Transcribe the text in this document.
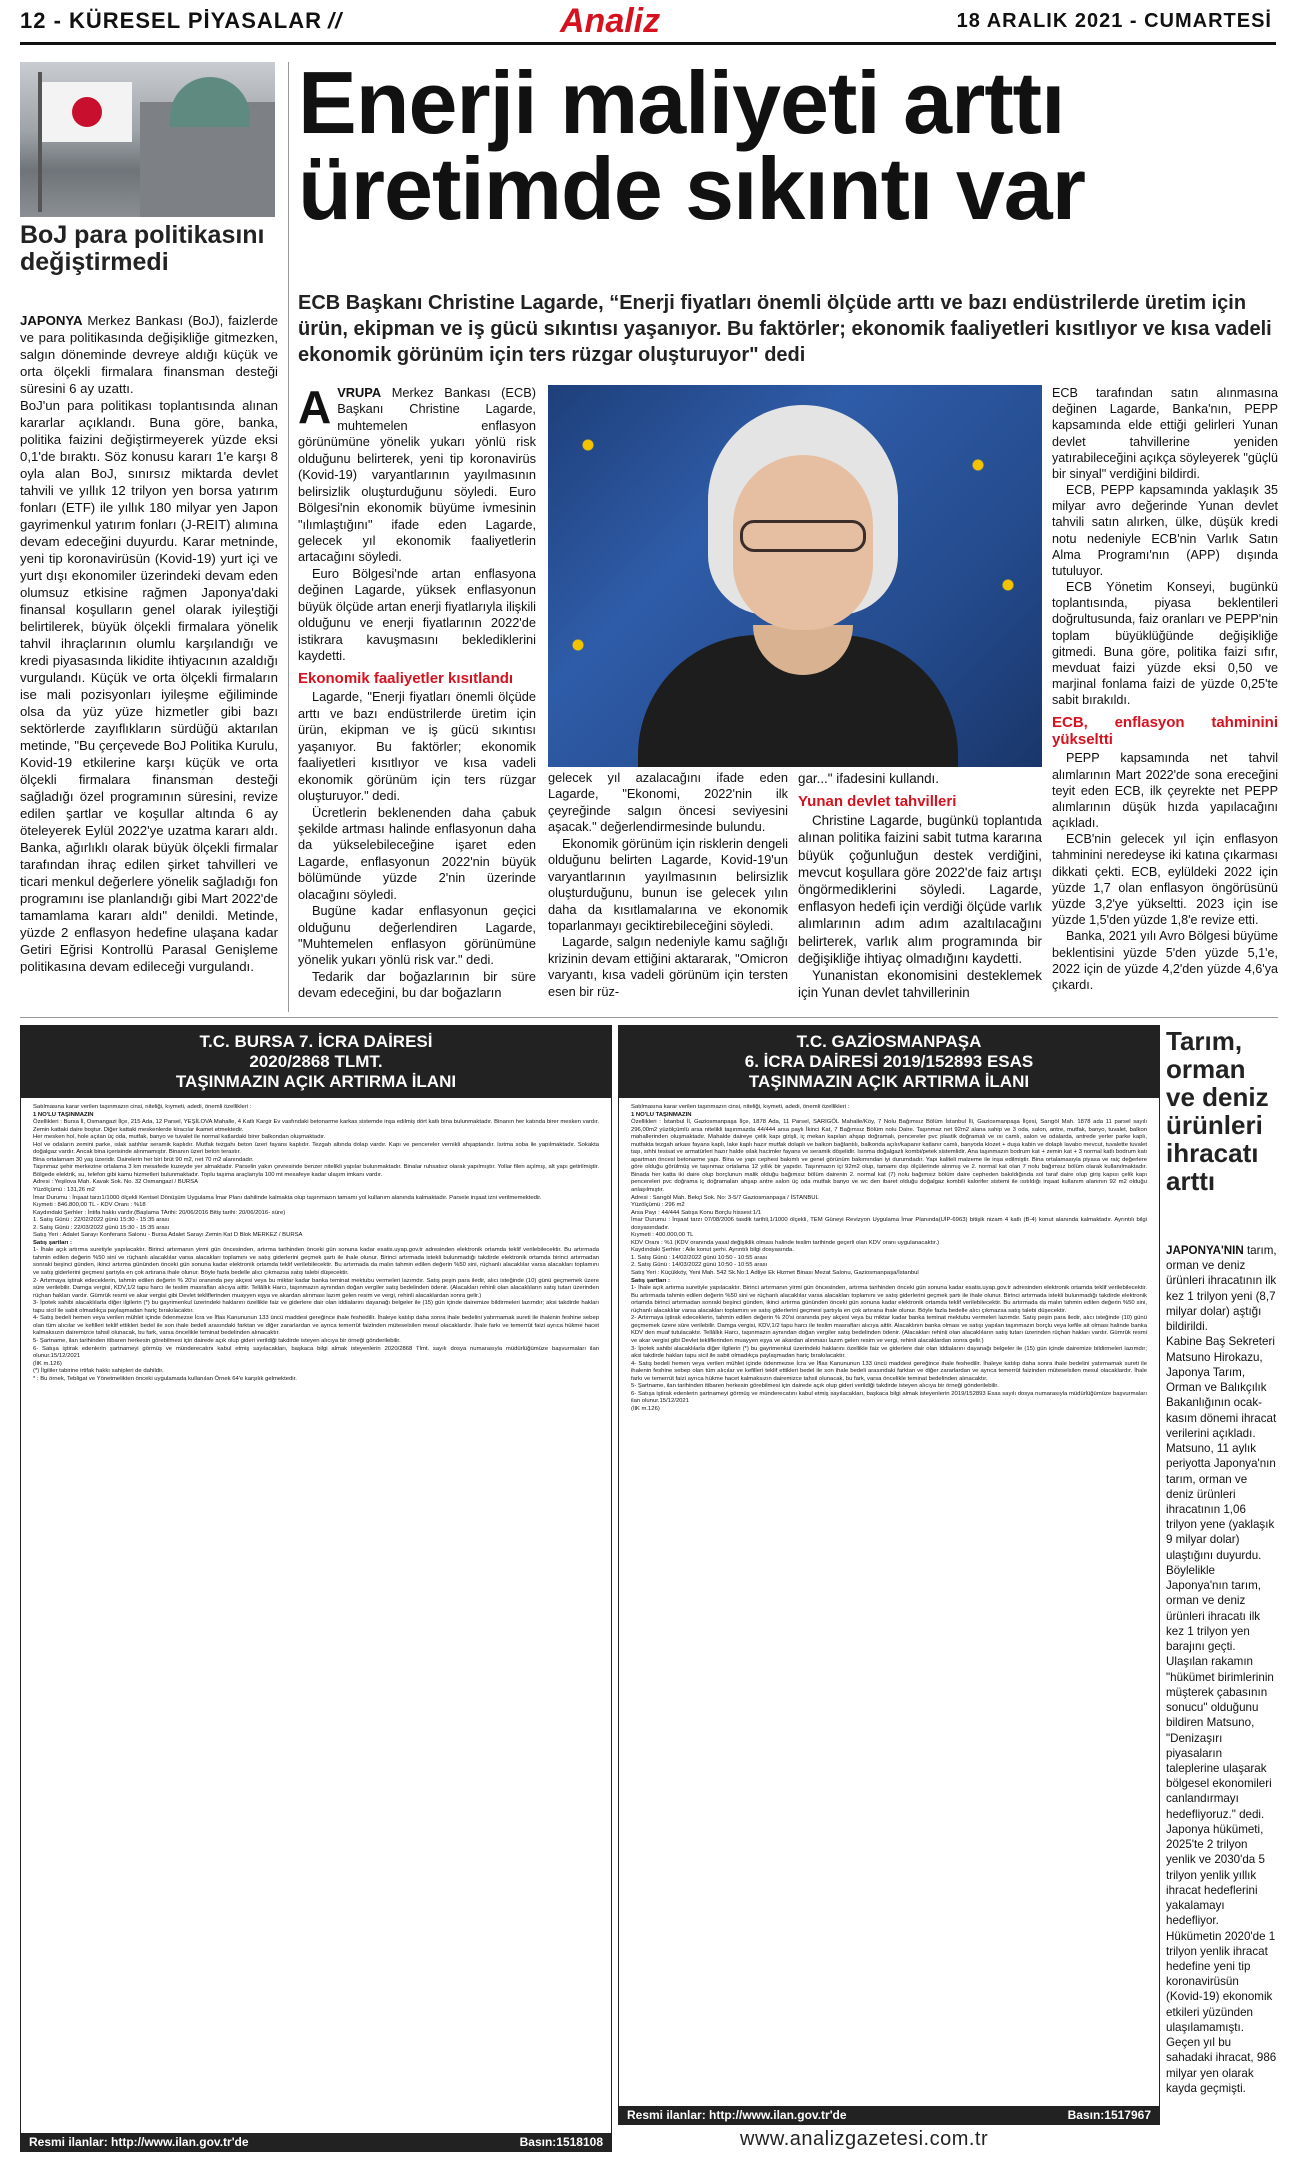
12 - KÜRESEL PİYASALAR //	Analiz	18 ARALIK 2021 - CUMARTESİ
BoJ para politikasını değiştirmedi

JAPONYA Merkez Bankası (BoJ), faizlerde ve para politikasında değişikliğe gitmezken, salgın döneminde devreye aldığı küçük ve orta ölçekli firmalara finansman desteği süresini 6 ay uzattı.

BoJ'un para politikası toplantısında alınan kararlar açıklandı. Buna göre, banka, politika faizini değiştirmeyerek yüzde eksi 0,1'de bıraktı. Söz konusu kararı 1'e karşı 8 oyla alan BoJ, sınırsız miktarda devlet tahvili ve yıllık 12 trilyon yen borsa yatırım fonları (ETF) ile yıllık 180 milyar yen Japon gayrimenkul yatırım fonları (J-REIT) alımına devam edeceğini duyurdu. Karar metninde, yeni tip koronavirüsün (Kovid-19) yurt içi ve yurt dışı ekonomiler üzerindeki devam eden olumsuz etkisine rağmen Japonya'daki finansal koşulların genel olarak iyileştiği belirtilerek, büyük ölçekli firmalara yönelik tahvil ihraçlarının olumlu karşılandığı ve kredi piyasasında likidite ihtiyacının azaldığı vurgulandı. Küçük ve orta ölçekli firmaların ise mali pozisyonları iyileşme eğiliminde olsa da yüz yüze hizmetler gibi bazı sektörlerde zayıflıkların sürdüğü aktarılan metinde, "Bu çerçevede BoJ Politika Kurulu, Kovid-19 etkilerine karşı küçük ve orta ölçekli firmalara finansman desteği sağladığı özel programının süresini, revize edilen şartlar ve koşullar altında 6 ay öteleyerek Eylül 2022'ye uzatma kararı aldı. Banka, ağırlıklı olarak büyük ölçekli firmalar tarafından ihraç edilen şirket tahvilleri ve ticari menkul değerlere yönelik sağladığı fon programını ise planlandığı gibi Mart 2022'de tamamlama kararı aldı" denildi. Metinde, yüzde 2 enflasyon hedefine ulaşana kadar Getiri Eğrisi Kontrollü Parasal Genişleme politikasına devam edileceği vurgulandı.

Enerji maliyeti arttı
üretimde sıkıntı var
ECB Başkanı Christine Lagarde, “Enerji fiyatları önemli ölçüde arttı ve bazı endüstrilerde üretim için ürün, ekipman ve iş gücü sıkıntısı yaşanıyor. Bu faktörler; ekonomik faaliyetleri kısıtlıyor ve kısa vadeli ekonomik görünüm için ters rüzgar oluşturuyor" dedi

AVRUPA Merkez Bankası (ECB) Başkanı Christine Lagarde, muhtemelen enflasyon görünümüne yönelik yukarı yönlü risk olduğunu belirterek, yeni tip koronavirüs (Kovid-19) varyantlarının yayılmasının belirsizlik oluşturduğunu söyledi. Euro Bölgesi'nin ekonomik büyüme ivmesinin "ılımlaştığını" ifade eden Lagarde, gelecek yıl ekonomik faaliyetlerin artacağını söyledi.

Euro Bölgesi'nde artan enflasyona değinen Lagarde, yüksek enflasyonun büyük ölçüde artan enerji fiyatlarıyla ilişkili olduğunu ve enerji fiyatlarının 2022'de istikrara kavuşmasını beklediklerini kaydetti.

Ekonomik faaliyetler kısıtlandı

Lagarde, "Enerji fiyatları önemli ölçüde arttı ve bazı endüstrilerde üretim için ürün, ekipman ve iş gücü sıkıntısı yaşanıyor. Bu faktörler; ekonomik faaliyetleri kısıtlıyor ve kısa vadeli ekonomik görünüm için ters rüzgar oluşturuyor." dedi.

Ücretlerin beklenenden daha çabuk şekilde artması halinde enflasyonun daha da yükselebileceğine işaret eden Lagarde, enflasyonun 2022'nin büyük bölümünde yüzde 2'nin üzerinde olacağını söyledi.

Bugüne kadar enflasyonun geçici olduğunu değerlendiren Lagarde, "Muhtemelen enflasyon görünümüne yönelik yukarı yönlü risk var." dedi.

Tedarik dar boğazlarının bir süre devam edeceğini, bu dar boğazların

gelecek yıl azalacağını ifade eden Lagarde, "Ekonomi, 2022'nin ilk çeyreğinde salgın öncesi seviyesini aşacak." değerlendirmesinde bulundu.

Ekonomik görünüm için risklerin dengeli olduğunu belirten Lagarde, Kovid-19'un varyantlarının yayılmasının belirsizlik oluşturduğunu, bunun ise gelecek yılın daha da kısıtlamalarına ve ekonomik toparlanmayı geciktirebileceğini söyledi.

Lagarde, salgın nedeniyle kamu sağlığı krizinin devam ettiğini aktararak, "Omicron varyantı, kısa vadeli görünüm için tersten esen bir rüz-

gar..." ifadesini kullandı.

Yunan devlet tahvilleri

Christine Lagarde, bugünkü toplantıda alınan politika faizini sabit tutma kararına büyük çoğunluğun destek verdiğini, mevcut koşullara göre 2022'de faiz artışı öngörmediklerini söyledi. Lagarde, enflasyon hedefi için verdiği ölçüde varlık alımlarının adım adım azaltılacağını belirterek, varlık alım programında bir değişikliğe ihtiyaç olmadığını kaydetti.

Yunanistan ekonomisini desteklemek için Yunan devlet tahvillerinin

ECB tarafından satın alınmasına değinen Lagarde, Banka'nın, PEPP kapsamında elde ettiği gelirleri Yunan devlet tahvillerine yeniden yatırabileceğini açıkça söyleyerek "güçlü bir sinyal" verdiğini bildirdi.

ECB, PEPP kapsamında yaklaşık 35 milyar avro değerinde Yunan devlet tahvili satın alırken, ülke, düşük kredi notu nedeniyle ECB'nin Varlık Satın Alma Programı'nın (APP) dışında tutuluyor.

ECB Yönetim Konseyi, bugünkü toplantısında, piyasa beklentileri doğrultusunda, faiz oranları ve PEPP'nin toplam büyüklüğünde değişikliğe gitmedi. Buna göre, politika faizi sıfır, mevduat faizi yüzde eksi 0,50 ve marjinal fonlama faizi de yüzde 0,25'te sabit bırakıldı.

ECB, enflasyon tahminini yükseltti

PEPP kapsamında net tahvil alımlarının Mart 2022'de sona ereceğini teyit eden ECB, ilk çeyrekte net PEPP alımlarının düşük hızda yapılacağını açıkladı.

ECB'nin gelecek yıl için enflasyon tahminini neredeyse iki katına çıkarması dikkati çekti. ECB, eylüldeki 2022 için yüzde 1,7 olan enflasyon öngörüsünü yüzde 3,2'ye yükseltti. 2023 için ise yüzde 1,5'den yüzde 1,8'e revize etti.

Banka, 2021 yılı Avro Bölgesi büyüme beklentisini yüzde 5'den yüzde 5,1'e, 2022 için de yüzde 4,2'den yüzde 4,6'ya çıkardı.

T.C. BURSA 7. İCRA DAİRESİ
2020/2868 TLMT.
TAŞINMAZIN AÇIK ARTIRMA İLANI

Satılmasına karar verilen taşınmazın cinsi, niteliği, kıymeti, adedi, önemli özellikleri :

1 NO'LU TAŞINMAZIN

Özellikleri : Bursa İl, Osmangazi İlçe, 215 Ada, 12 Parsel, YEŞİLOVA Mahalle, 4 Katlı Kargir Ev vasfındaki betonarme karkas sistemde inşa edilmiş dört katlı bina bulunmaktadır. Binanın her katında birer mesken vardır. Zemin kattaki daire boştur. Diğer kattaki meskenlerde kiracılar ikamet etmektedir.

Her mesken hol, hole açılan üç oda, mutfak, banyo ve tuvalet ile normal katlardaki birer balkondan oluşmaktadır.

Hol ve odaların zemini parke, ıslak satıhlar seramik kaplıdır. Mutfak tezgahı beton üzeri fayans kaplıdır. Tezgah altında dolap vardır. Kapı ve pencereler vernikli ahşaptandır. Isıtma soba ile yapılmaktadır. Sokakta doğalgaz vardır. Ancak bina içerisinde alınmamıştır. Binanın üzeri beton terastır.

Bina ortalamam 30 yaş üzeridir. Dairelerin her biri brüt 90 m2, net 70 m2 alanındadır.

Taşınmaz şehir merkezine ortalama 3 km mesafede kuzeyde yer almaktadır. Parselin yakın çevresinde benzer nitelikli yapılar bulunmaktadır. Binalar ruhsatsız olarak yapılmıştır. Yollar filen açılmış, alt yapı getirilmiştir. Bölgede elektrik, su, telefon gibi kamu hizmetleri bulunmaktadır. Toplu taşıma araçlarıyla 100 mt mesafeye kadar ulaşım imkanı vardır.

Adresi : Yeşilova Mah. Kavak Sok. No. 32 Osmangazi / BURSA

Yüzölçümü : 131,26 m2

İmar Durumu : İnşaat tarzı1/1000 ölçekli Kentsel Dönüşüm Uygulama İmar Planı dahilinde kalmakta olup taşınmazın tamamı yol kullanım alanında kalmaktadır. Parsele inşaat izni verilmemektedir.

Kıymeti : 846.800,00 TL - KDV Oranı : %18

Kaydındaki Şerhler : İntifa hakkı vardır.(Başlama TArihi: 20/06/2016 Bitiş tarihi: 20/06/2016- süre)

1. Satış Günü : 22/02/2022 günü 15:30 - 15:35 arası

2. Satış Günü : 22/03/2022 günü 15:30 - 15:35 arası

Satış Yeri : Adalet Sarayı Konferans Salonu - Bursa Adalet Sarayı Zemin Kat D Blok MERKEZ / BURSA

Satış şartları :

1- İhale açık artırma suretiyle yapılacaktır. Birinci artırmanın yirmi gün öncesinden, artırma tarihinden önceki gün sonuna kadar esatis.uyap.gov.tr adresinden elektronik ortamda teklif verilebilecektir. Bu artırmada tahmin edilen değerin %50 sini ve rüçhanlı alacaklılar varsa alacakları toplamını ve satış giderlerini geçmek şartı ile ihale olunur. Birinci artırmada istekli bulunmadığı takdirde elektronik ortamda birinci artırmadan sonraki beşinci günden, ikinci artırma gününden önceki gün sonuna kadar elektronik ortamda teklif verilebilecektir. Bu artırmada da malın tahmin edilen değerin %50 sini, rüçhanlı alacaklılar varsa alacakları toplamını ve satış giderlerini geçmesi şartıyla en çok artırana ihale olunur. Böyle fazla bedelle alıcı çıkmazsa satış talebi düşecektir.

2- Artırmaya iştirak edeceklerin, tahmin edilen değerin % 20'si oranında pey akçesi veya bu miktar kadar banka teminat mektubu vermeleri lazımdır. Satış peşin para iledir, alıcı isteğinde (10) günü geçmemek üzere süre verilebilir. Damga vergisi, KDV,1/2 tapu harcı ile teslim masrafları alıcıya aittir. Tellâllık Harcı, taşınmazın aynından doğan vergiler satış bedelinden ödenir. (Alacakları rehinli olan alacaklıların satış tutarı üzerinden rüçhan hakları vardır. Gümrük resmi ve akar vergisi gibi Devlet tekliflerinden muayyen eşya ve akardan alınması lazım gelen resim ve vergi, rehinli alacaklardan sonra gelir.)

3- İpotek sahibi alacaklılarla diğer ilgilerin (*) bu gayrimenkul üzerindeki haklarını özellikle faiz ve giderlere dair olan iddialarını dayanağı belgeler ile (15) gün içinde dairemize bildirmeleri lazımdır; aksi takdirde hakları tapu sicil ile sabit olmadıkça paylaşmadan hariç bırakılacaktır.

4- Satış bedeli hemen veya verilen mühlet içinde ödenmezse İcra ve İflas Kanununun 133 üncü maddesi gereğince ihale feshedilir. İhaleye katılıp daha sonra ihale bedelini yatırmamak sureti ile ihalenin feshine sebep olan tüm alıcılar ve kefilleri teklif ettikleri bedel ile son ihale bedeli arasındaki farktan ve diğer zararlardan ve ayrıca temerrüt faizinden müteselsilen mesul olacaklardır. İhale farkı ve temerrüt faizi ayrıca hükme hacet kalmaksızın dairemizce tahsil olunacak, bu fark, varsa öncelikle teminat bedelinden alınacaktır.

5- Şartname, ilan tarihinden itibaren herkesin görebilmesi için dairede açık olup gideri verildiği takdirde isteyen alıcıya bir örneği gönderilebilir.

6- Satışa iştirak edenlerin şartnameyi görmüş ve münderecatını kabul etmiş sayılacakları, başkaca bilgi almak isteyenlerin 2020/2868 Tlmt. sayılı dosya numarasıyla müdürlüğümüze başvurmaları ilan olunur.15/12/2021

(İlK m.126)

(*) İlgililer tabirine irtifak hakkı sahipleri de dahildir.

* : Bu örnek, Tebligat ve Yönetmelikten önceki uygulamada kullanılan Örnek 64'e karşılık gelmektedir.

Resmi ilanlar: http://www.ilan.gov.tr'de	Basın:1518108
T.C. GAZİOSMANPAŞA
6. İCRA DAİRESİ 2019/152893 ESAS
TAŞINMAZIN AÇIK ARTIRMA İLANI

Satılmasına karar verilen taşınmazın cinsi, niteliği, kıymeti, adedi, önemli özellikleri :

1 NO'LU TAŞINMAZIN

Özellikleri : İstanbul İl, Gaziosmanpaşa İlçe, 1878 Ada, 11 Parsel, SARIGÖL Mahalle/Köy, 7 Nolu Bağımsız Bölüm İstanbul İli, Gaziosmanpaşa İlçesi, Sarıgöl Mah. 1878 ada 11 parsel sayılı 296,00m2 yüzölçümlü arsa nitelikli taşınmazda 44/444 arsa paylı İkinci Kat, 7 Bağımsız Bölüm nolu Daire. Taşınmaz net 92m2 alana sahip ve 3 oda, salon, antre, mutfak, banyo, tuvalet, balkon mahallerinden oluşmaktadır. Mahalde daireye çelik kapı girişli, iç mekan kapıları ahşap doğramalı, pencereler pvc plastik doğramalı ve ısı camlı, salon ve odalarda, antrede yerler parke kaplı, mutfakta tezgah arkası fayans kaplı, lake kaplı hazır mutfak dolaplı ve balkon bağlantılı, balkonda açılır/kapanır katlanır camlı, banyoda klozet + duşa kabin ve dolaplı lavabo mevcut, tuvalette tuvalet taşı, sıhhi tesisat ve armatürleri hazır halde ıslak hacimler fayans ve seramik döşelidir. Isınma doğalgazlı kombi/petek sistemlidir. Ana taşınmazın bodrum kat + zemin kat + 3 normal katlı bodrum katı apartman öncesi betonarme yapı. Bina ve yapı cephesi bakımlı ve genel görünüm bakımından iyi durumdadır. Yapı kaliteli malzeme ile inşa edilmiştir. Bina ortalamasıyla piyasa ve raiç değerlere göre olduğu görülmüş ve taşınmaz ortalama 12 yıllık bir yapıdır. Taşınmazın içi 92m2 olup, tamamı dışı ölçülerinde alınmış ve 2. normal kat olan 7 nolu bağımsız bölüm olarak kullanılmaktadır. Binada her katta iki daire olup borçlunun malik olduğu bağımsız bölüm dairenin 2. normal kat (7) nolu bağımsız bölüm daire cepheden bakıldığında sol taraf daire olup giriş kapısı çelik kapı pencereleri pvc doğrama iç doğramaları ahşap antre salon üç oda mutfak banyo ve wc den ibaret olduğu doğalgaz kombili kalorifer sistemi ile ısıtıldığı inşaat kullanım alanının 92 m2 olduğu anlaşılmıştır.

Adresi : Sarıgöl Mah. Bekçi Sok. No: 3-5/7 Gaziosmanpaşa / İSTANBUL

Yüzölçümü : 296 m2

Arsa Payı : 44/444 Satışa Konu Borçlu hissesi:1/1

İmar Durumu : İnşaat tarzı 07/08/2006 tasdik tarihli,1/1000 ölçekli, TEM Güneyi Revizyon Uygulama İmar Planında(UİP-6963) bitişik nizam 4 katlı (B-4) konut alanında kalmaktadır. Ayrıntılı bilgi dosyasındadır.

Kıymeti : 400.000,00 TL

KDV Oranı : %1 (KDV oranında yasal değişiklik olması halinde teslim tarihinde geçerli olan KDV oranı uygulanacaktır.)

Kaydındaki Şerhler : Aile konut şerhi. Ayrıntılı bilgi dosyasında.

1. Satış Günü : 14/02/2022 günü 10:50 - 10:55 arası

2. Satış Günü : 14/03/2022 günü 10:50 - 10:55 arası

Satış Yeri : Küçükköy, Yeni Mah. 542 Sk.No:1 Adliye Ek Hizmet Binası Mezat Salonu, Gaziosmanpaşa/İstanbul

Satış şartları :

1- İhale açık artırma suretiyle yapılacaktır. Birinci artırmanın yirmi gün öncesinden, artırma tarihinden önceki gün sonuna kadar esatis.uyap.gov.tr adresinden elektronik ortamda teklif verilebilecektir. Bu artırmada tahmin edilen değerin %50 sini ve rüçhanlı alacaklılar varsa alacakları toplamını ve satış giderlerini geçmek şartı ile ihale olunur. Birinci artırmada istekli bulunmadığı takdirde elektronik ortamda birinci artırmadan sonraki beşinci günden, ikinci artırma gününden önceki gün sonuna kadar elektronik ortamda teklif verilebilecektir. Bu artırmada da malın tahmin edilen değerin %50 sini, rüçhanlı alacaklılar varsa alacakları toplamını ve satış giderlerini geçmesi şartıyla en çok artırana ihale olunur. Böyle fazla bedelle alıcı çıkmazsa satış talebi düşecektir.

2- Artırmaya iştirak edeceklerin, tahmin edilen değerin % 20'si oranında pey akçesi veya bu miktar kadar banka teminat mektubu vermeleri lazımdır. Satış peşin para iledir, alıcı isteğinde (10) günü geçmemek üzere süre verilebilir. Damga vergisi, KDV,1/2 tapu harcı ile teslim masrafları alıcıya aittir. Alacaklının banka olması ve satışı yapılan taşınmazın borçlu veya kefile ait olması halinde banka KDV den muaf tutulacaktır. Tellâllık Harcı, taşınmazın aynından doğan vergiler satış bedelinden ödenir. (Alacakları rehinli olan alacaklıların satış tutarı üzerinden rüçhan hakları vardır. Gümrük resmi ve akar vergisi gibi Devlet tekliflerinden muayyen eşya ve akardan alınması lazım gelen resim ve vergi, rehinli alacaklardan sonra gelir.)

3- İpotek sahibi alacaklılarla diğer ilgilerin (*) bu gayrimenkul üzerindeki haklarını özellikle faiz ve giderlere dair olan iddialarını dayanağı belgeler ile (15) gün içinde dairemize bildirmeleri lazımdır; aksi takdirde hakları tapu sicil ile sabit olmadıkça paylaşmadan hariç bırakılacaktır.

4- Satış bedeli hemen veya verilen mühlet içinde ödenmezse İcra ve İflas Kanununun 133 üncü maddesi gereğince ihale feshedilir. İhaleye katılıp daha sonra ihale bedelini yatırmamak sureti ile ihalenin feshine sebep olan tüm alıcılar ve kefilleri teklif ettikleri bedel ile son ihale bedeli arasındaki farktan ve diğer zararlardan ve ayrıca temerrüt faizinden müteselsilen mesul olacaklardır. İhale farkı ve temerrüt faizi ayrıca hükme hacet kalmaksızın dairemizce tahsil olunacak, bu fark, varsa öncelikle teminat bedelinden alınacaktır.

5- Şartname, ilan tarihinden itibaren herkesin görebilmesi için dairede açık olup gideri verildiği takdirde isteyen alıcıya bir örneği gönderilebilir.

6- Satışa iştirak edenlerin şartnameyi görmüş ve münderecatını kabul etmiş sayılacakları, başkaca bilgi almak isteyenlerin 2019/152893 Esas sayılı dosya numarasıyla müdürlüğümüze başvurmaları ilan olunur.15/12/2021

(İlK m.126)

Resmi ilanlar: http://www.ilan.gov.tr'de	Basın:1517967
www.analizgazetesi.com.tr
Tarım, orman ve deniz ürünleri ihracatı arttı

JAPONYA'NIN tarım, orman ve deniz ürünleri ihracatının ilk kez 1 trilyon yeni (8,7 milyar dolar) aştığı bildirildi.

Kabine Baş Sekreteri Matsuno Hirokazu, Japonya Tarım, Orman ve Balıkçılık Bakanlığının ocak-kasım dönemi ihracat verilerini açıkladı.

Matsuno, 11 aylık periyotta Japonya'nın tarım, orman ve deniz ürünleri ihracatının 1,06 trilyon yene (yaklaşık 9 milyar dolar) ulaştığını duyurdu.

Böylelikle Japonya'nın tarım, orman ve deniz ürünleri ihracatı ilk kez 1 trilyon yen barajını geçti.

Ulaşılan rakamın "hükümet birimlerinin müşterek çabasının sonucu" olduğunu bildiren Matsuno, "Denizaşırı piyasaların taleplerine ulaşarak bölgesel ekonomileri canlandırmayı hedefliyoruz." dedi. Japonya hükümeti, 2025'te 2 trilyon yenlik ve 2030'da 5 trilyon yenlik yıllık ihracat hedeflerini yakalamayı hedefliyor.

Hükümetin 2020'de 1 trilyon yenlik ihracat hedefine yeni tip koronavirüsün (Kovid-19) ekonomik etkileri yüzünden ulaşılamamıştı.

Geçen yıl bu sahadaki ihracat, 986 milyar yen olarak kayda geçmişti.
